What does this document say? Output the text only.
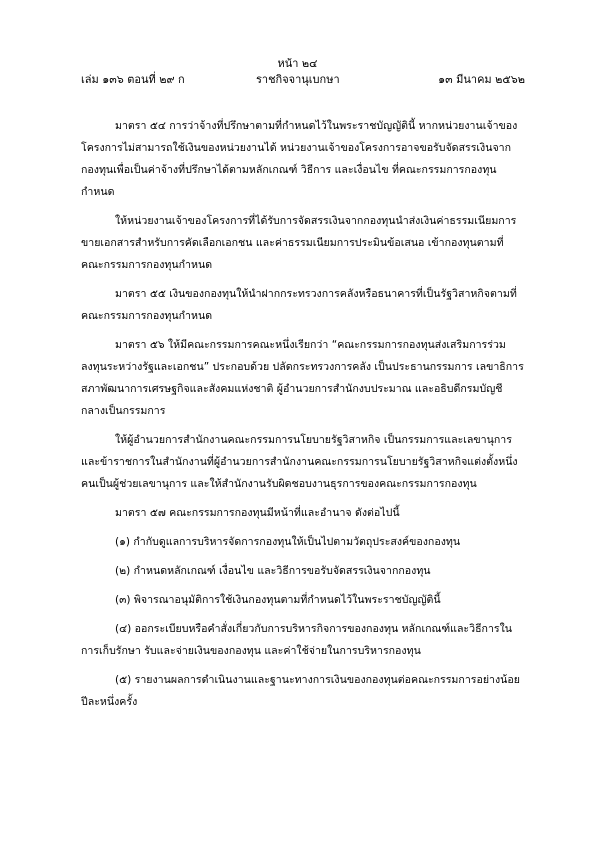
หน้า ๒๔
เล่ม ๑๓๖ ตอนที่ ๒๙ ก	ราชกิจจานุเบกษา	๑๓ มีนาคม ๒๕๖๒

มาตรา ๕๔ การว่าจ้างที่ปรึกษาตามที่กำหนดไว้ในพระราชบัญญัตินี้ หากหน่วยงานเจ้าของโครงการไม่สามารถใช้เงินของหน่วยงานได้ หน่วยงานเจ้าของโครงการอาจขอรับจัดสรรเงินจากกองทุนเพื่อเป็นค่าจ้างที่ปรึกษาได้ตามหลักเกณฑ์ วิธีการ และเงื่อนไข ที่คณะกรรมการกองทุนกำหนด

ให้หน่วยงานเจ้าของโครงการที่ได้รับการจัดสรรเงินจากกองทุนนำส่งเงินค่าธรรมเนียมการขายเอกสารสำหรับการคัดเลือกเอกชน และค่าธรรมเนียมการประมินข้อเสนอ เข้ากองทุนตามที่คณะกรรมการกองทุนกำหนด

มาตรา ๕๕ เงินของกองทุนให้นำฝากกระทรวงการคลังหรือธนาคารที่เป็นรัฐวิสาหกิจตามที่คณะกรรมการกองทุนกำหนด

มาตรา ๕๖ ให้มีคณะกรรมการคณะหนึ่งเรียกว่า “คณะกรรมการกองทุนส่งเสริมการร่วมลงทุนระหว่างรัฐและเอกชน” ประกอบด้วย ปลัดกระทรวงการคลัง เป็นประธานกรรมการ เลขาธิการสภาพัฒนาการเศรษฐกิจและสังคมแห่งชาติ ผู้อำนวยการสำนักงบประมาณ และอธิบดีกรมบัญชีกลางเป็นกรรมการ

ให้ผู้อำนวยการสำนักงานคณะกรรมการนโยบายรัฐวิสาหกิจ เป็นกรรมการและเลขานุการ และข้าราชการในสำนักงานที่ผู้อำนวยการสำนักงานคณะกรรมการนโยบายรัฐวิสาหกิจแต่งตั้งหนึ่งคนเป็นผู้ช่วยเลขานุการ และให้สำนักงานรับผิดชอบงานธุรการของคณะกรรมการกองทุน

มาตรา ๕๗ คณะกรรมการกองทุนมีหน้าที่และอำนาจ ดังต่อไปนี้

(๑) กำกับดูแลการบริหารจัดการกองทุนให้เป็นไปตามวัตถุประสงค์ของกองทุน

(๒) กำหนดหลักเกณฑ์ เงื่อนไข และวิธีการขอรับจัดสรรเงินจากกองทุน

(๓) พิจารณาอนุมัติการใช้เงินกองทุนตามที่กำหนดไว้ในพระราชบัญญัตินี้

(๔) ออกระเบียบหรือคำสั่งเกี่ยวกับการบริหารกิจการของกองทุน หลักเกณฑ์และวิธีการในการเก็บรักษา รับและจ่ายเงินของกองทุน และค่าใช้จ่ายในการบริหารกองทุน

(๕) รายงานผลการดำเนินงานและฐานะทางการเงินของกองทุนต่อคณะกรรมการอย่างน้อยปีละหนึ่งครั้ง
